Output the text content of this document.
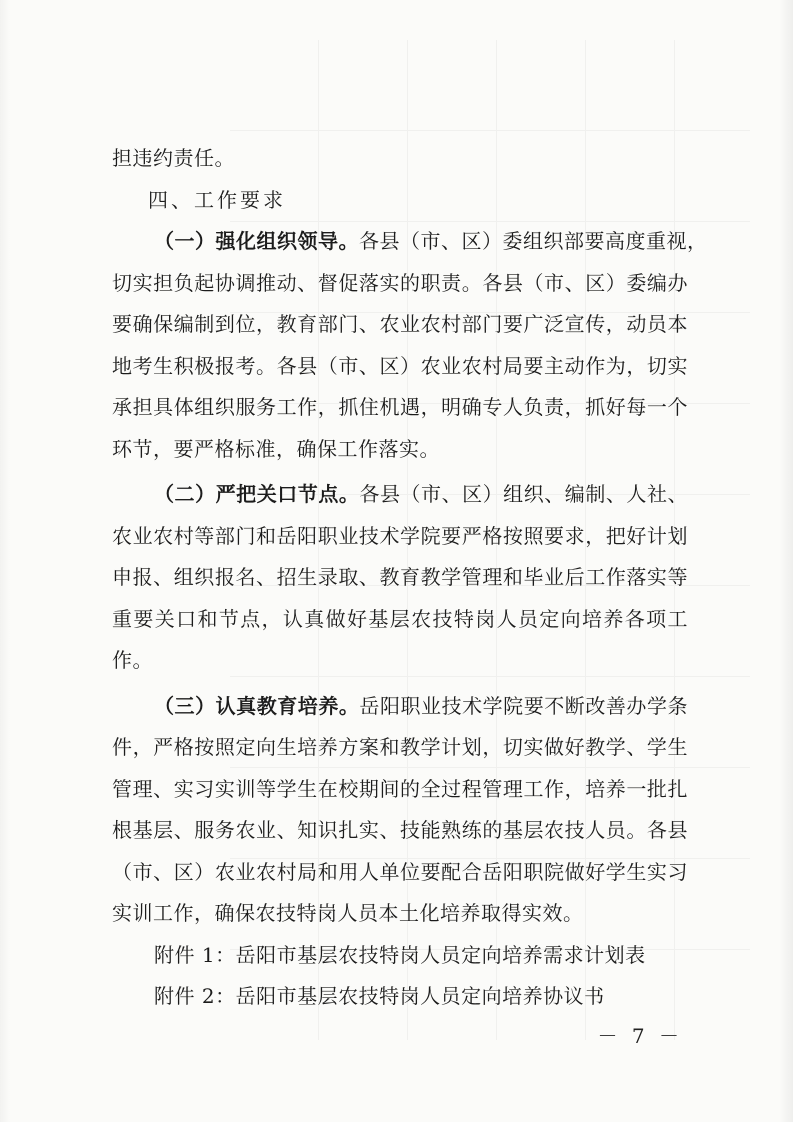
担违约责任。
四、工作要求
（一）强化组织领导。各县（市、区）委组织部要高度重视，
切实担负起协调推动、督促落实的职责。各县（市、区）委编办
要确保编制到位，教育部门、农业农村部门要广泛宣传，动员本
地考生积极报考。各县（市、区）农业农村局要主动作为，切实
承担具体组织服务工作，抓住机遇，明确专人负责，抓好每一个
环节，要严格标准，确保工作落实。
（二）严把关口节点。各县（市、区）组织、编制、人社、
农业农村等部门和岳阳职业技术学院要严格按照要求，把好计划
申报、组织报名、招生录取、教育教学管理和毕业后工作落实等
重要关口和节点，认真做好基层农技特岗人员定向培养各项工
作。
（三）认真教育培养。岳阳职业技术学院要不断改善办学条
件，严格按照定向生培养方案和教学计划，切实做好教学、学生
管理、实习实训等学生在校期间的全过程管理工作，培养一批扎
根基层、服务农业、知识扎实、技能熟练的基层农技人员。各县
（市、区）农业农村局和用人单位要配合岳阳职院做好学生实习
实训工作，确保农技特岗人员本土化培养取得实效。
附件 1：岳阳市基层农技特岗人员定向培养需求计划表
附件 2：岳阳市基层农技特岗人员定向培养协议书
－ 7 －
